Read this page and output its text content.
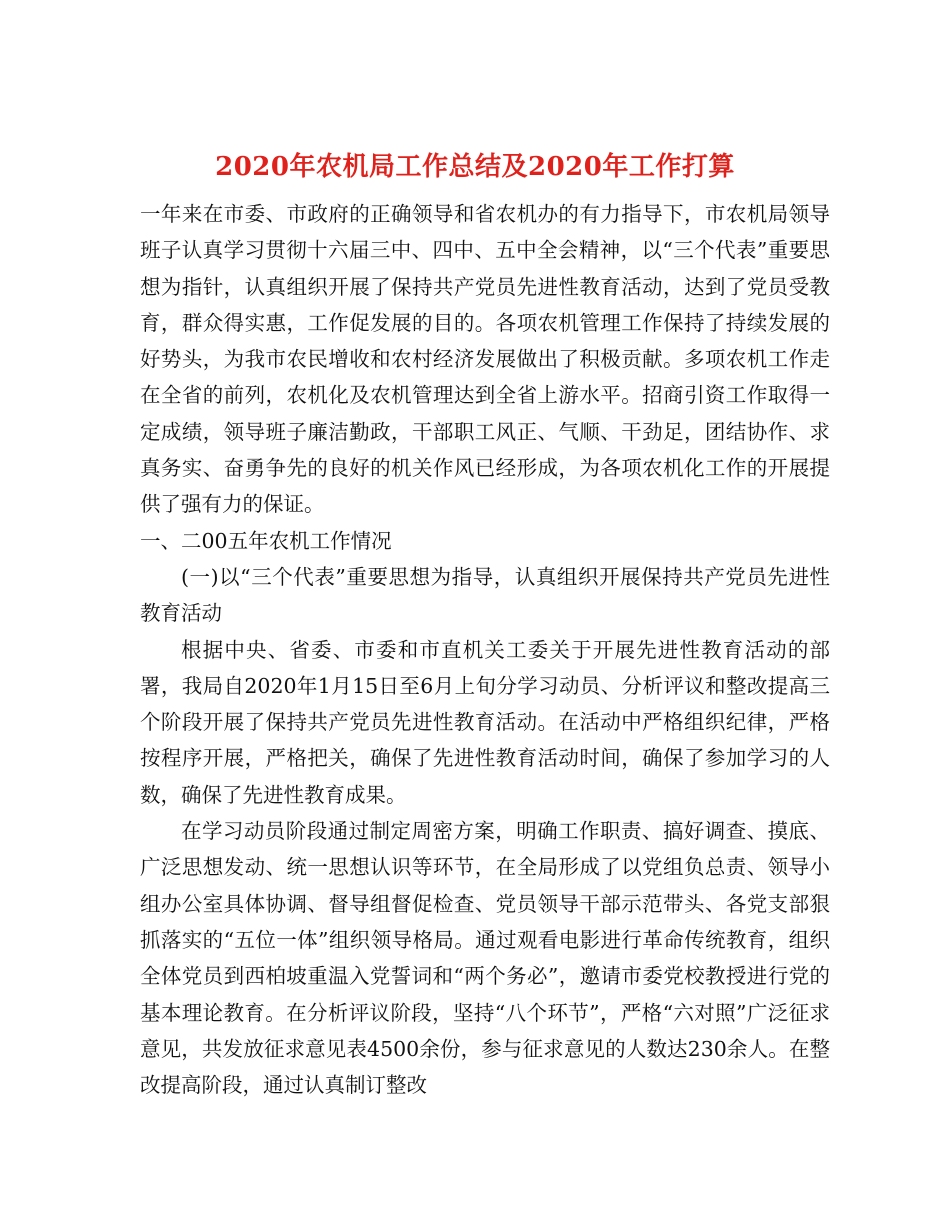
2020年农机局工作总结及2020年工作打算

一年来在市委、市政府的正确领导和省农机办的有力指导下，市农机局领导班子认真学习贯彻十六届三中、四中、五中全会精神，以“三个代表”重要思想为指针，认真组织开展了保持共产党员先进性教育活动，达到了党员受教育，群众得实惠，工作促发展的目的。各项农机管理工作保持了持续发展的好势头，为我市农民增收和农村经济发展做出了积极贡献。多项农机工作走在全省的前列，农机化及农机管理达到全省上游水平。招商引资工作取得一定成绩，领导班子廉洁勤政，干部职工风正、气顺、干劲足，团结协作、求真务实、奋勇争先的良好的机关作风已经形成，为各项农机化工作的开展提供了强有力的保证。

一、二00五年农机工作情况

(一)以“三个代表”重要思想为指导，认真组织开展保持共产党员先进性教育活动

根据中央、省委、市委和市直机关工委关于开展先进性教育活动的部署，我局自2020年1月15日至6月上旬分学习动员、分析评议和整改提高三个阶段开展了保持共产党员先进性教育活动。在活动中严格组织纪律，严格按程序开展，严格把关，确保了先进性教育活动时间，确保了参加学习的人数，确保了先进性教育成果。

在学习动员阶段通过制定周密方案，明确工作职责、搞好调查、摸底、广泛思想发动、统一思想认识等环节，在全局形成了以党组负总责、领导小组办公室具体协调、督导组督促检查、党员领导干部示范带头、各党支部狠抓落实的“五位一体”组织领导格局。通过观看电影进行革命传统教育，组织全体党员到西柏坡重温入党誓词和“两个务必”，邀请市委党校教授进行党的基本理论教育。在分析评议阶段，坚持“八个环节”，严格“六对照”广泛征求意见，共发放征求意见表4500余份，参与征求意见的人数达230余人。在整改提高阶段，通过认真制订整改
